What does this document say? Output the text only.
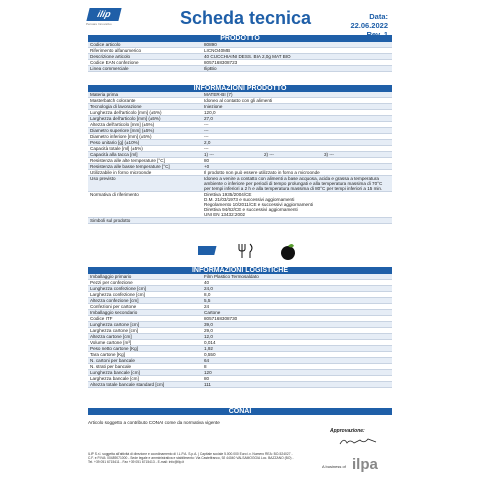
ilip
Pensare Innovativo	Scheda tecnica	Data: 22.06.2022
PRODOTTO
Codice articolo	80890
Riferimento alfanumerico	LICNO40MB
Descrizione articolo	40 CUCCHIAINI DESS. BIA 2,0g MAT BIO
Codice EAN confezione	8057168308723
Linea commerciale	IlipBio
INFORMAZIONI PRODOTTO
Materia prima	MATER-BI (7)
Masterbatch colorante	Idoneo al contatto con gli alimenti
Tecnologia di lavorazione	Iniezione
Lunghezza dell'articolo [mm] (±5%)	120,0
Larghezza dell'articolo [mm] (±5%)	27,0
Altezza dell'articolo [mm] (±5%)	---
Diametro superiore [mm] (±5%)	---
Diametro inferiore [mm] (±5%)	---
Peso unitario [g] (±10%)	2,0
Capacità totale [ml] (±5%)	---
Capacità alla tacca [ml]	1) --- 2) --- 3) ---
Resistenza alle alte temperature [°C]	80
Resistenza alle basse temperature [°C]	+0
Utilizzabile in forno microonde	Il prodotto non può essere utilizzato in forno a microonde
Uso previsto	Idoneo a venire a contatto con alimenti a base acquosa, acida e grassa a temperatura ambiente o inferiore per periodi di tempo prolungati e alla temperatura massima di 70°C per tempi inferiori a 2 h e alla temperatura massima di 80°C per tempi inferiori a 15 min.
Normativa di riferimento	Direttiva 1935/2004/CE
D.M. 21/03/1973 e successivi aggiornamenti
Regolamento 10/2011/CE e successivi aggiornamenti
Direttiva 94/62/CE e successivi aggiornamenti
UNI EN 13432:2002
Simboli sul prodotto	
INFORMAZIONI LOGISTICHE
Imballaggio primario	Film Plastico Termosaldato
Pezzi per confezione	40
Lunghezza confezione [cm]	24,0
Larghezza confezione [cm]	8,0
Altezza confezione [cm]	5,5
Confezioni per cartone	24
Imballaggio secondario	Cartone
Codice ITF	8057168308730
Lunghezza cartone [cm]	39,0
Larghezza cartone [cm]	29,0
Altezza cartone [cm]	12,0
Volume cartone [m³]	0,014
Peso netto cartone [Kg]	1,92
Tara cartone [Kg]	0,550
N. cartoni per bancale	64
N. strati per bancale	8
Lunghezza bancale [cm]	120
Larghezza bancale [cm]	80
Altezza totale bancale standard [cm]	111
CONAI
Articolo soggetto a contributo CONAI come da normativa vigente
Approvazione:
ILIP S.r.l. soggetta all'attività di direzione e coordinamento di I.L.P.A. S.p.A. | Capitale sociale 5.000.000 Euro i.v. Numero REA: BO-524027 - C.F. e P.IVA: 00489071000 - Sede legale e amministrativa e stabilimento: Via Castelfranco, 92 44040 VALSAMOGGIA Loc. BAZZANO (BO) - Tel. +39 051 6715411 - Fax +39 051 6715413 - E-mail: info@ilip.it
A business of ilpa
